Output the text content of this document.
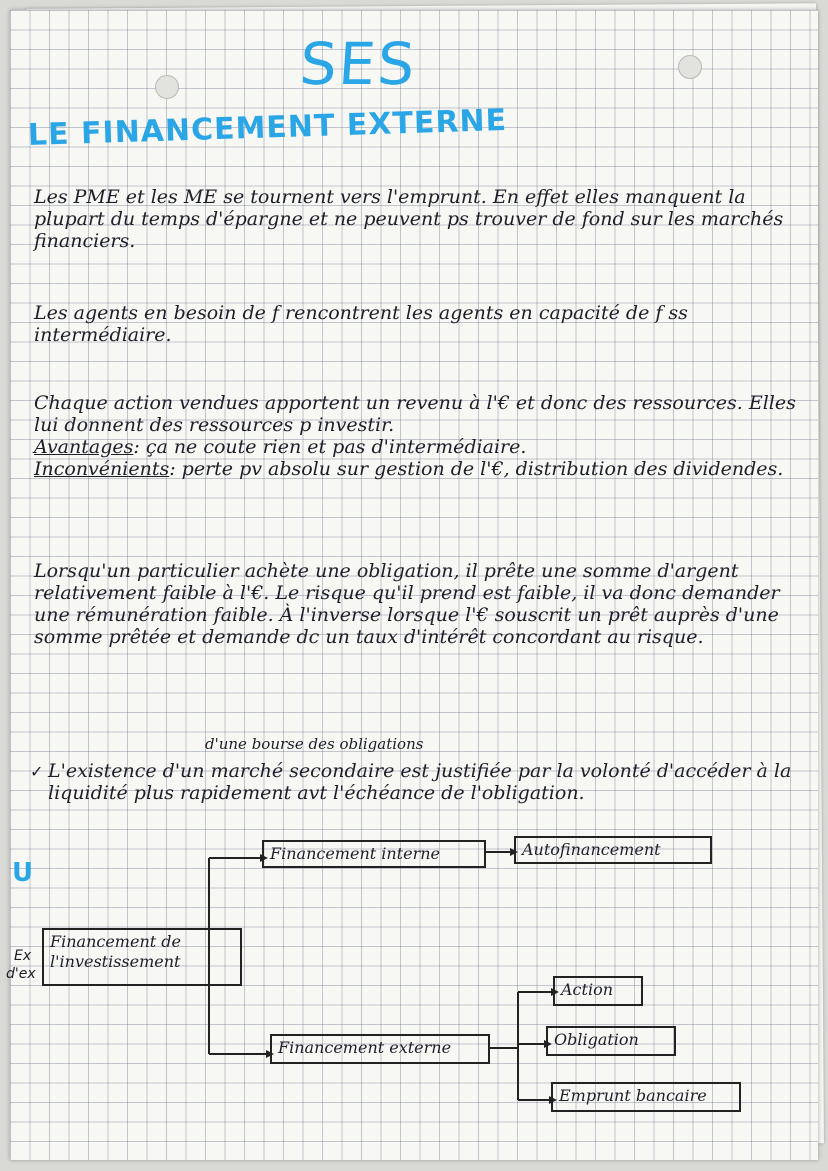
SES
LE FINANCEMENT EXTERNE

Les PME et les ME se tournent vers l'emprunt. En effet elles manquent la plupart du temps d'épargne et ne peuvent ps trouver de fond sur les marchés financiers.

Les agents en besoin de f rencontrent les agents en capacité de f ss intermédiaire.

Chaque action vendues apportent un revenu à l'€ et donc des ressources. Elles lui donnent des ressources p investir.

Avantages: ça ne coute rien et pas d'intermédiaire.

Inconvénients: perte pv absolu sur gestion de l'€, distribution des dividendes.

Lorsqu'un particulier achète une obligation, il prête une somme d'argent relativement faible à l'€. Le risque qu'il prend est faible, il va donc demander une rémunération faible. À l'inverse lorsque l'€ souscrit un prêt auprès d'une somme prêtée et demande dc un taux d'intérêt concordant au risque.

d'une bourse des obligations
✓ L'existence d'un marché secondaire est justifiée par la volonté d'accéder à la liquidité plus rapidement avt l'échéance de l'obligation.

U
Ex
d'ex
Financement de l'investissement
Financement interne	Autofinancement
Financement externe
Action
Obligation
Emprunt bancaire
